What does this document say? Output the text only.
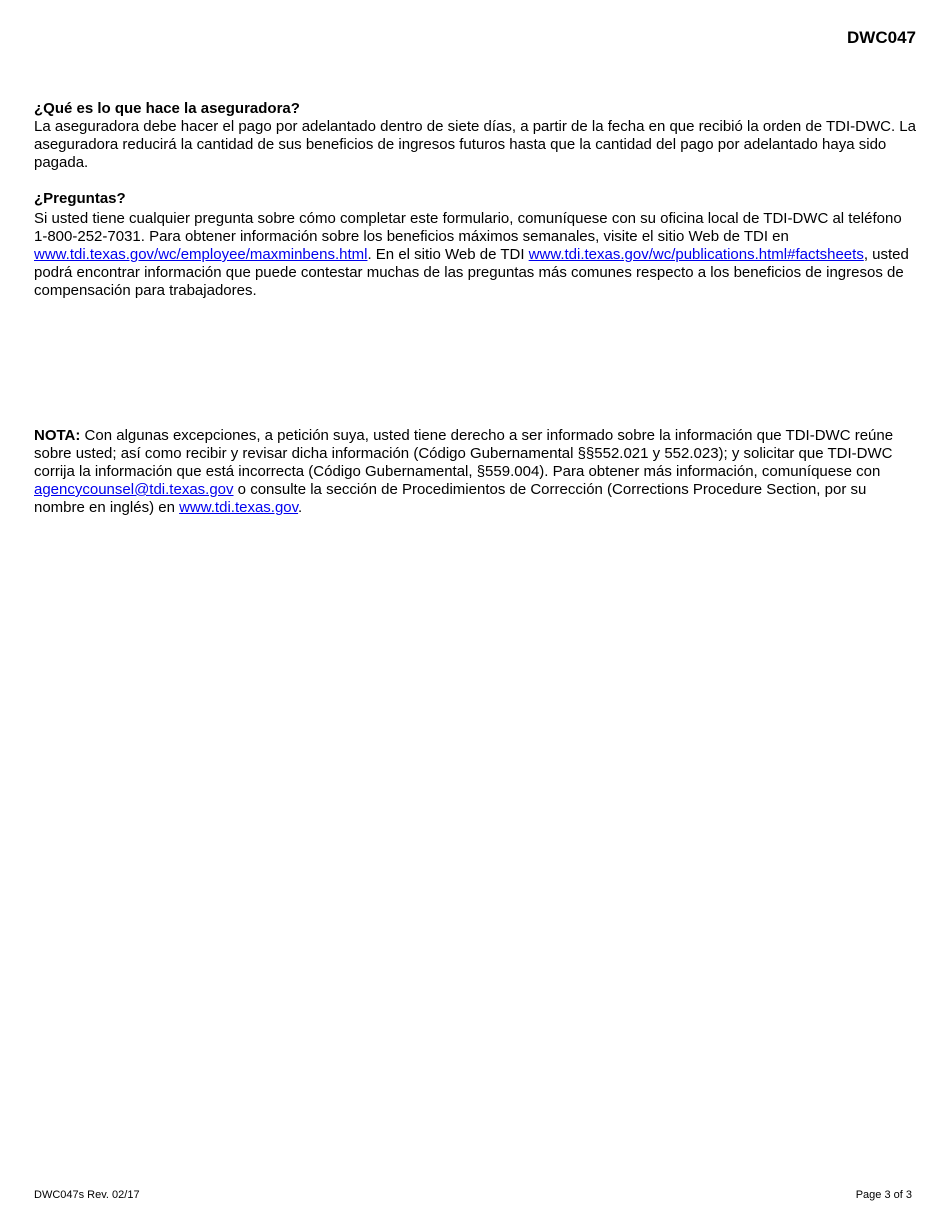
DWC047

¿Qué es lo que hace la aseguradora?

La aseguradora debe hacer el pago por adelantado dentro de siete días, a partir de la fecha en que recibió la orden de TDI-DWC. La aseguradora reducirá la cantidad de sus beneficios de ingresos futuros hasta que la cantidad del pago por adelantado haya sido pagada.

¿Preguntas?

Si usted tiene cualquier pregunta sobre cómo completar este formulario, comuníquese con su oficina local de TDI-DWC al teléfono 1-800-252-7031. Para obtener información sobre los beneficios máximos semanales, visite el sitio Web de TDI en www.tdi.texas.gov/wc/employee/maxminbens.html. En el sitio Web de TDI www.tdi.texas.gov/wc/publications.html#factsheets, usted podrá encontrar información que puede contestar muchas de las preguntas más comunes respecto a los beneficios de ingresos de compensación para trabajadores.

NOTA: Con algunas excepciones, a petición suya, usted tiene derecho a ser informado sobre la información que TDI-DWC reúne sobre usted; así como recibir y revisar dicha información (Código Gubernamental §§552.021 y 552.023); y solicitar que TDI-DWC corrija la información que está incorrecta (Código Gubernamental, §559.004). Para obtener más información, comuníquese con agencycounsel@tdi.texas.gov o consulte la sección de Procedimientos de Corrección (Corrections Procedure Section, por su nombre en inglés) en www.tdi.texas.gov.

DWC047s Rev. 02/17	Page 3 of 3
